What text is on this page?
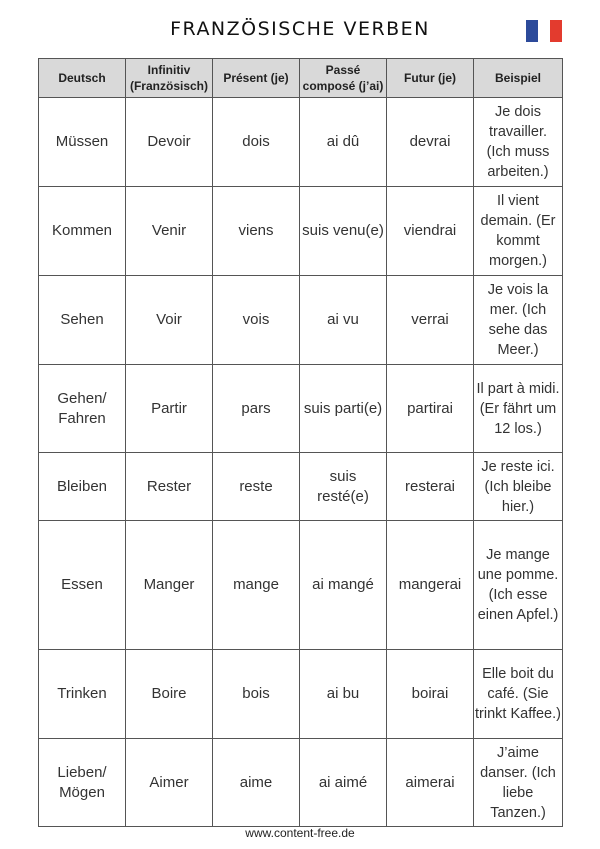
FRANZÖSISCHE VERBEN
Deutsch	Infinitiv (Französisch)	Présent (je)	Passé composé (j’ai)	Futur (je)	Beispiel
Müssen	Devoir	dois	ai dû	devrai	Je dois travailler. (Ich muss arbeiten.)
Kommen	Venir	viens	suis venu(e)	viendrai	Il vient demain. (Er kommt morgen.)
Sehen	Voir	vois	ai vu	verrai	Je vois la mer. (Ich sehe das Meer.)
Gehen/ Fahren	Partir	pars	suis parti(e)	partirai	Il part à midi. (Er fährt um 12 los.)
Bleiben	Rester	reste	suis resté(e)	resterai	Je reste ici. (Ich bleibe hier.)
Essen	Manger	mange	ai mangé	mangerai	Je mange une pomme. (Ich esse einen Apfel.)
Trinken	Boire	bois	ai bu	boirai	Elle boit du café. (Sie trinkt Kaffee.)
Lieben/ Mögen	Aimer	aime	ai aimé	aimerai	J’aime danser. (Ich liebe Tanzen.)
www.content-free.de
